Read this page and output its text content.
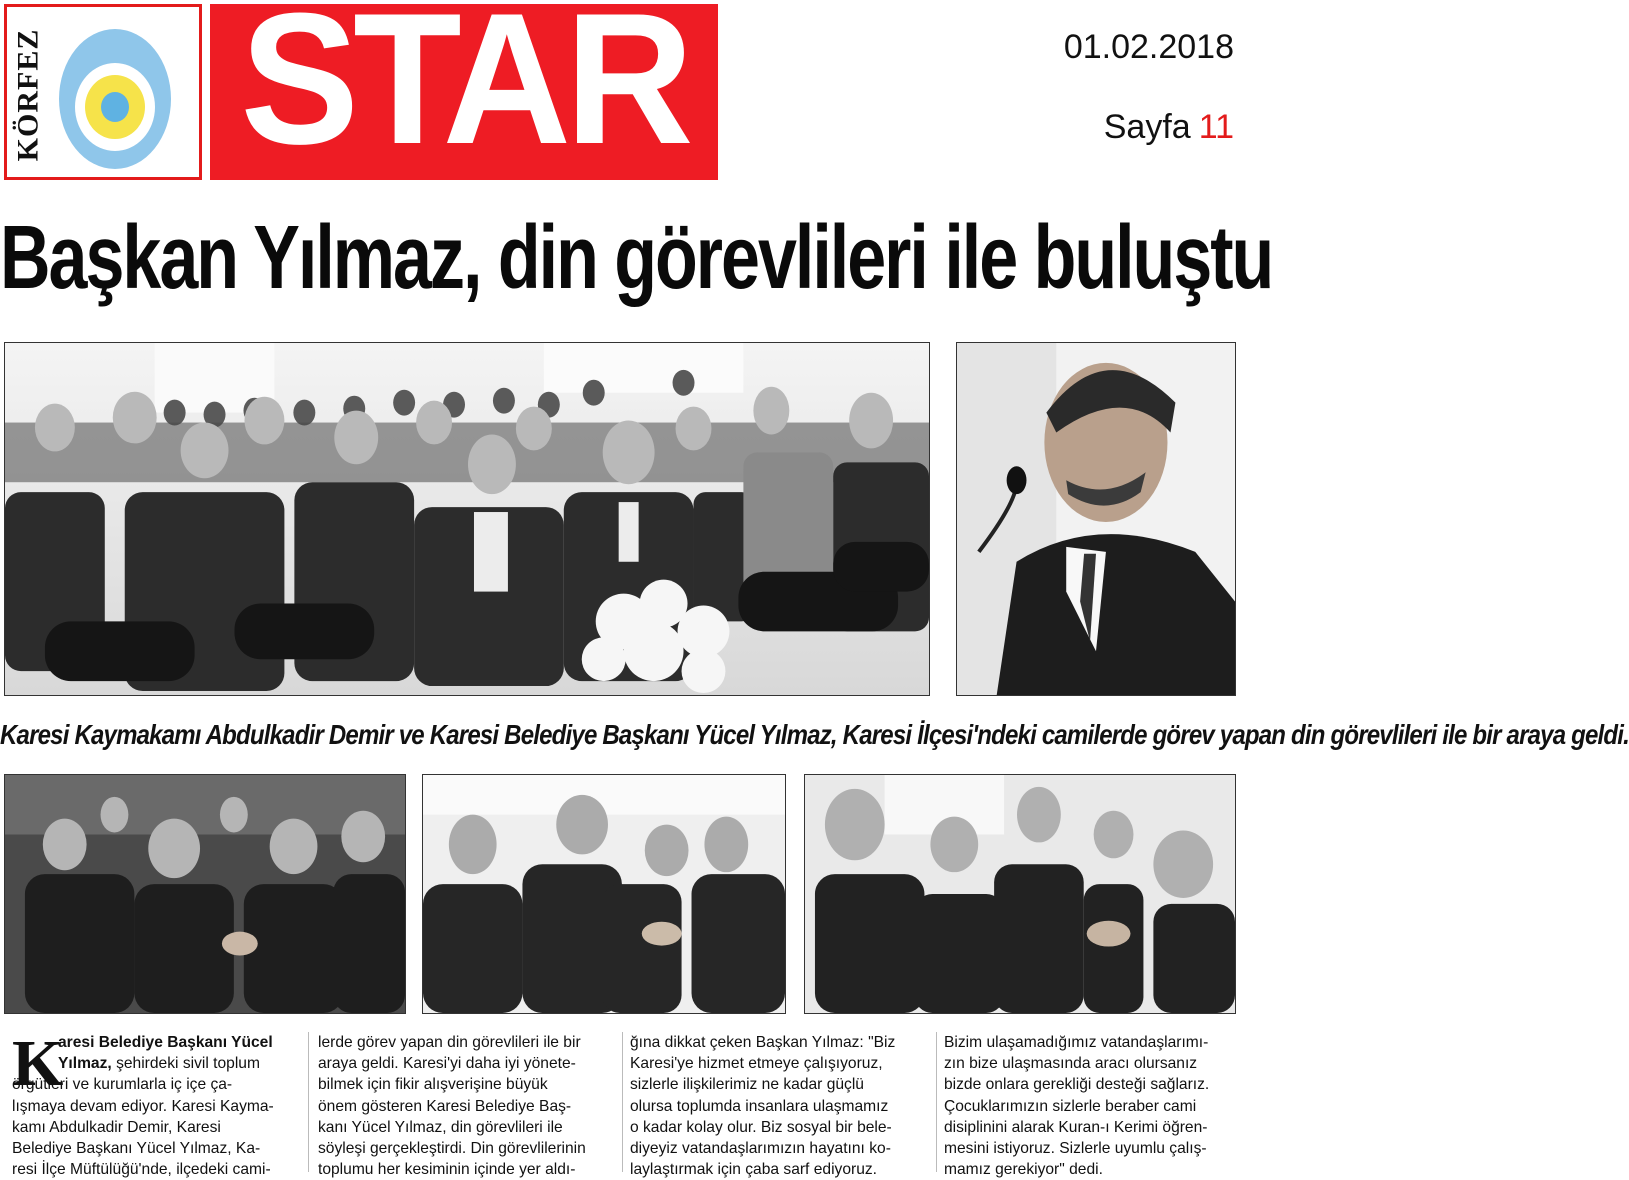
KÖRFEZ STAR	01.02.2018
Sayfa 11
Başkan Yılmaz, din görevlileri ile buluştu
Karesi Kaymakamı Abdulkadir Demir ve Karesi Belediye Başkanı Yücel Yılmaz, Karesi İlçesi'ndeki camilerde görev yapan din görevlileri ile bir araya geldi.
K
aresi Belediye Başkanı Yücel
Yılmaz, şehirdeki sivil toplum
örgütleri ve kurumlarla iç içe ça-
lışmaya devam ediyor. Karesi Kayma-
kamı Abdulkadir Demir, Karesi
Belediye Başkanı Yücel Yılmaz, Ka-
resi İlçe Müftülüğü'nde, ilçedeki cami-
lerde görev yapan din görevlileri ile bir
araya geldi. Karesi'yi daha iyi yönete-
bilmek için fikir alışverişine büyük
önem gösteren Karesi Belediye Baş-
kanı Yücel Yılmaz, din görevlileri ile
söyleşi gerçekleştirdi. Din görevlilerinin
toplumu her kesiminin içinde yer aldı-
ğına dikkat çeken Başkan Yılmaz: "Biz
Karesi'ye hizmet etmeye çalışıyoruz,
sizlerle ilişkilerimiz ne kadar güçlü
olursa toplumda insanlara ulaşmamız
o kadar kolay olur. Biz sosyal bir bele-
diyeyiz vatandaşlarımızın hayatını ko-
laylaştırmak için çaba sarf ediyoruz.
Bizim ulaşamadığımız vatandaşlarımı-
zın bize ulaşmasında aracı olursanız
bizde onlara gerekliği desteği sağlarız.
Çocuklarımızın sizlerle beraber cami
disiplinini alarak Kuran-ı Kerimi öğren-
mesini istiyoruz. Sizlerle uyumlu çalış-
mamız gerekiyor" dedi.
